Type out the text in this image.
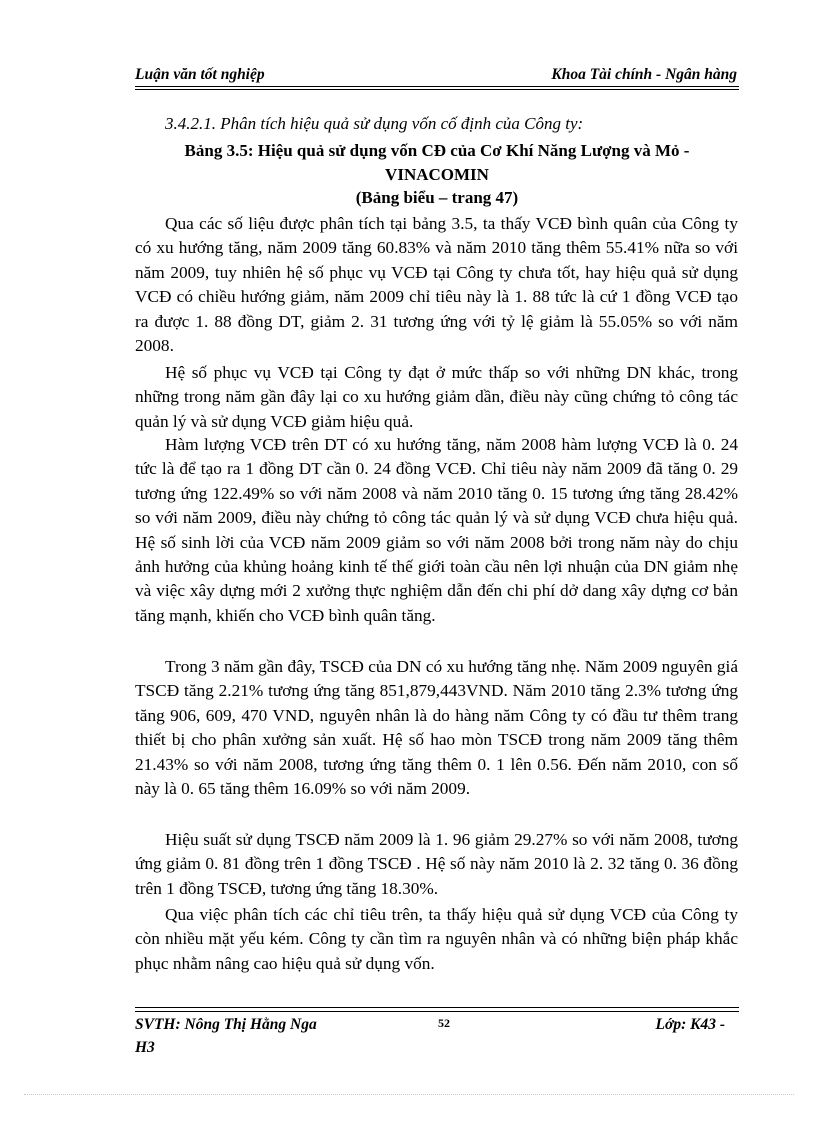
Luận văn tốt nghiệp	Khoa Tài chính - Ngân hàng
3.4.2.1. Phân tích hiệu quả sử dụng vốn cố định của Công ty:
Bảng 3.5: Hiệu quả sử dụng vốn CĐ của Cơ Khí Năng Lượng và Mỏ -
VINACOMIN
(Bảng biểu – trang 47)

Qua các số liệu được phân tích tại bảng 3.5, ta thấy VCĐ bình quân của Công ty có xu hướng tăng, năm 2009 tăng 60.83% và năm 2010 tăng thêm 55.41% nữa so với năm 2009, tuy nhiên hệ số phục vụ VCĐ tại Công ty chưa tốt, hay hiệu quả sử dụng VCĐ có chiều hướng giảm, năm 2009 chỉ tiêu này là 1. 88 tức là cứ 1 đồng VCĐ tạo ra được 1. 88 đồng DT, giảm 2. 31 tương ứng với tỷ lệ giảm là 55.05% so với năm 2008.

Hệ số phục vụ VCĐ tại Công ty đạt ở mức thấp so với những DN khác, trong những trong năm gần đây lại co xu hướng giảm dần, điều này cũng chứng tỏ công tác quản lý và sử dụng VCĐ giảm hiệu quả.

Hàm lượng VCĐ trên DT có xu hướng tăng, năm 2008 hàm lượng VCĐ là 0. 24 tức là để tạo ra 1 đồng DT cần 0. 24 đồng VCĐ. Chỉ tiêu này năm 2009 đã tăng 0. 29 tương ứng 122.49% so với năm 2008 và năm 2010 tăng 0. 15 tương ứng tăng 28.42% so với năm 2009, điều này chứng tỏ công tác quản lý và sử dụng VCĐ chưa hiệu quả. Hệ số sinh lời của VCĐ năm 2009 giảm so với năm 2008 bởi trong năm này do chịu ảnh hưởng của khủng hoảng kinh tế thế giới toàn cầu nên lợi nhuận của DN giảm nhẹ và việc xây dựng mới 2 xưởng thực nghiệm dẫn đến chi phí dở dang xây dựng cơ bản tăng mạnh, khiến cho VCĐ bình quân tăng.

Trong 3 năm gần đây, TSCĐ của DN có xu hướng tăng nhẹ. Năm 2009 nguyên giá TSCĐ tăng 2.21% tương ứng tăng 851,879,443VND. Năm 2010 tăng 2.3% tương ứng tăng 906, 609, 470 VND, nguyên nhân là do hàng năm Công ty có đầu tư thêm trang thiết bị cho phân xưởng sản xuất. Hệ số hao mòn TSCĐ trong năm 2009 tăng thêm 21.43% so với năm 2008, tương ứng tăng thêm 0. 1 lên 0.56. Đến năm 2010, con số này là 0. 65 tăng thêm 16.09% so với năm 2009.

Hiệu suất sử dụng TSCĐ năm 2009 là 1. 96 giảm 29.27% so với năm 2008, tương ứng giảm 0. 81 đồng trên 1 đồng TSCĐ . Hệ số này năm 2010 là 2. 32 tăng 0. 36 đồng trên 1 đồng TSCĐ, tương ứng tăng 18.30%.

Qua việc phân tích các chỉ tiêu trên, ta thấy hiệu quả sử dụng VCĐ của Công ty còn nhiều mặt yếu kém. Công ty cần tìm ra nguyên nhân và có những biện pháp khắc phục nhằm nâng cao hiệu quả sử dụng vốn.

SVTH: Nông Thị Hằng Nga	52	Lớp: K43 -
H3
